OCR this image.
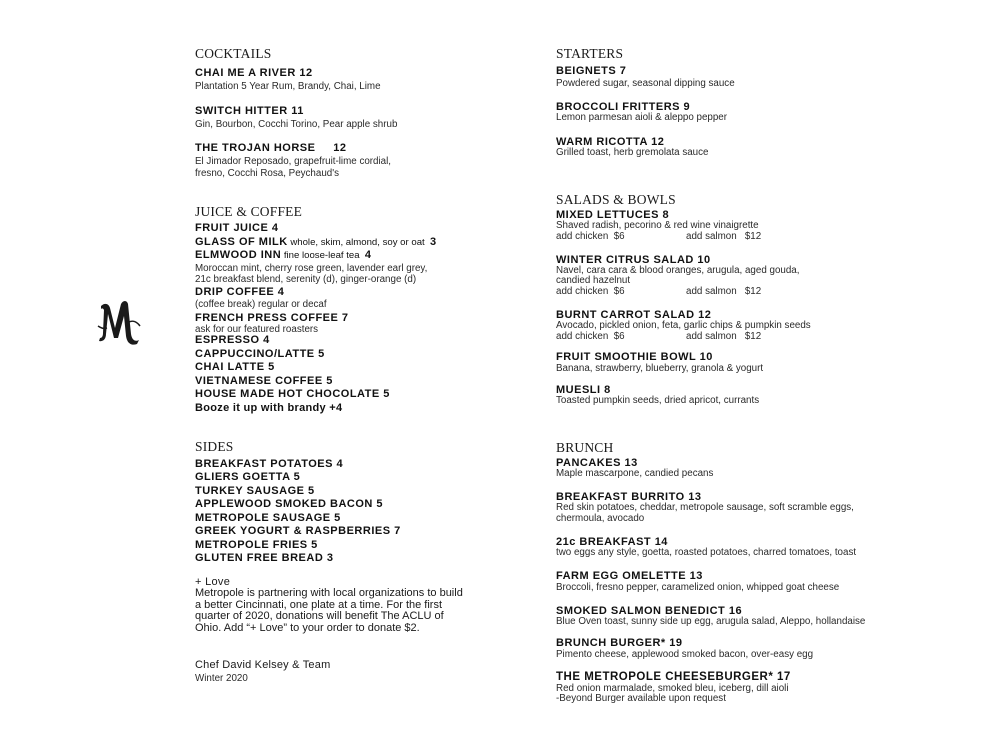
COCKTAILS
CHAI ME A RIVER 12
Plantation 5 Year Rum, Brandy, Chai, Lime
SWITCH HITTER 11
Gin, Bourbon, Cocchi Torino, Pear apple shrub
THE TROJAN HORSE     12
El Jimador Reposado, grapefruit-lime cordial,
fresno, Cocchi Rosa, Peychaud's
JUICE & COFFEE
FRUIT JUICE 4
GLASS OF MILK whole, skim, almond, soy or oat  3
ELMWOOD INN fine loose-leaf tea  4
Moroccan mint, cherry rose green, lavender earl grey,
21c breakfast blend, serenity (d), ginger-orange (d)
DRIP COFFEE 4
(coffee break) regular or decaf
FRENCH PRESS COFFEE 7
ask for our featured roasters
ESPRESSO 4
CAPPUCCINO/LATTE 5
CHAI LATTE 5
VIETNAMESE COFFEE 5
HOUSE MADE HOT CHOCOLATE 5
Booze it up with brandy +4
SIDES
BREAKFAST POTATOES 4
GLIERS GOETTA 5
TURKEY SAUSAGE 5
APPLEWOOD SMOKED BACON 5
METROPOLE SAUSAGE 5
GREEK YOGURT & RASPBERRIES 7
METROPOLE FRIES 5
GLUTEN FREE BREAD 3
+ Love
Metropole is partnering with local organizations to build a better Cincinnati, one plate at a time. For the first quarter of 2020, donations will benefit The ACLU of Ohio. Add “+ Love” to your order to donate $2.
Chef David Kelsey & Team
Winter 2020
STARTERS
BEIGNETS 7
Powdered sugar, seasonal dipping sauce
BROCCOLI FRITTERS 9
Lemon parmesan aioli & aleppo pepper
WARM RICOTTA 12
Grilled toast, herb gremolata sauce
SALADS & BOWLS
MIXED LETTUCES 8
Shaved radish, pecorino & red wine vinaigrette
add chicken  $6	add salmon   $12
WINTER CITRUS SALAD 10
Navel, cara cara & blood oranges, arugula, aged gouda,
candied hazelnut
add chicken  $6	add salmon   $12
BURNT CARROT SALAD 12
Avocado, pickled onion, feta, garlic chips & pumpkin seeds
add chicken  $6	add salmon   $12
FRUIT SMOOTHIE BOWL 10
Banana, strawberry, blueberry, granola & yogurt
MUESLI 8
Toasted pumpkin seeds, dried apricot, currants
BRUNCH
PANCAKES 13
Maple mascarpone, candied pecans
BREAKFAST BURRITO 13
Red skin potatoes, cheddar, metropole sausage, soft scramble eggs,
chermoula, avocado
21c BREAKFAST 14
two eggs any style, goetta, roasted potatoes, charred tomatoes, toast
FARM EGG OMELETTE 13
Broccoli, fresno pepper, caramelized onion, whipped goat cheese
SMOKED SALMON BENEDICT 16
Blue Oven toast, sunny side up egg, arugula salad, Aleppo, hollandaise
BRUNCH BURGER* 19
Pimento cheese, applewood smoked bacon, over-easy egg
THE METROPOLE CHEESEBURGER* 17
Red onion marmalade, smoked bleu, iceberg, dill aioli
-Beyond Burger available upon request
